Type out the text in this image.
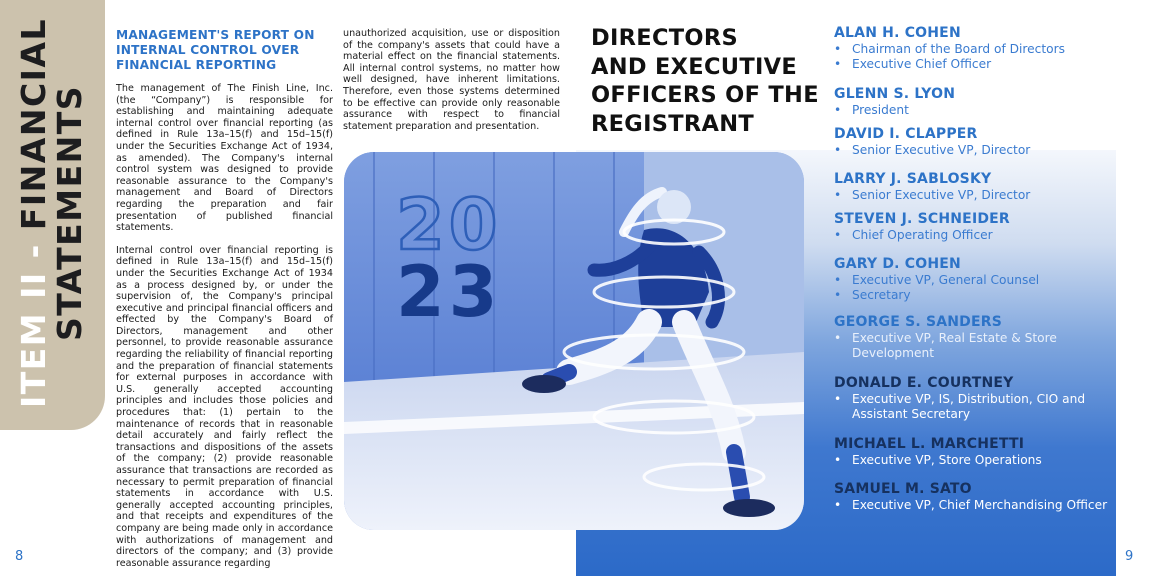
ITEM II - FINANCIAL
STATEMENTS
MANAGEMENT'S REPORT ON INTERNAL CONTROL OVER FINANCIAL REPORTING

The management of The Finish Line, Inc. (the “Company”) is responsible for establishing and maintaining adequate internal control over financial reporting (as defined in Rule 13a–15(f) and 15d–15(f) under the Securities Exchange Act of 1934, as amended). The Company's internal control system was designed to provide reasonable assurance to the Company's management and Board of Directors regarding the preparation and fair presentation of published financial statements.

Internal control over financial reporting is defined in Rule 13a–15(f) and 15d–15(f) under the Securities Exchange Act of 1934 as a process designed by, or under the supervision of, the Company's principal executive and principal financial officers and effected by the Company's Board of Directors, management and other personnel, to provide reasonable assurance regarding the reliability of financial reporting and the preparation of financial statements for external purposes in accordance with U.S. generally accepted accounting principles and includes those policies and procedures that: (1) pertain to the maintenance of records that in reasonable detail accurately and fairly reflect the transactions and dispositions of the assets of the company; (2) provide reasonable assurance that transactions are recorded as necessary to permit preparation of financial statements in accordance with U.S. generally accepted accounting principles, and that receipts and expenditures of the company are being made only in accordance with authorizations of management and directors of the company; and (3) provide reasonable assurance regarding

unauthorized acquisition, use or disposition of the company's assets that could have a material effect on the financial statements. All internal control systems, no matter how well designed, have inherent limitations. Therefore, even those systems determined to be effective can provide only reasonable assurance with respect to financial statement preparation and presentation.

DIRECTORS
AND EXECUTIVE
OFFICERS OF THE
REGISTRANT
20
23
ALAN H. COHEN
• Chairman of the Board of Directors
• Executive Chief Officer
GLENN S. LYON
• President
DAVID I. CLAPPER
• Senior Executive VP, Director
LARRY J. SABLOSKY
• Senior Executive VP, Director
STEVEN J. SCHNEIDER
• Chief Operating Officer
GARY D. COHEN
• Executive VP, General Counsel
• Secretary
GEORGE S. SANDERS
• Executive VP, Real Estate & Store Development
DONALD E. COURTNEY
• Executive VP, IS, Distribution, CIO and Assistant Secretary
MICHAEL L. MARCHETTI
• Executive VP, Store Operations
SAMUEL M. SATO
• Executive VP, Chief Merchandising Officer
8	9
